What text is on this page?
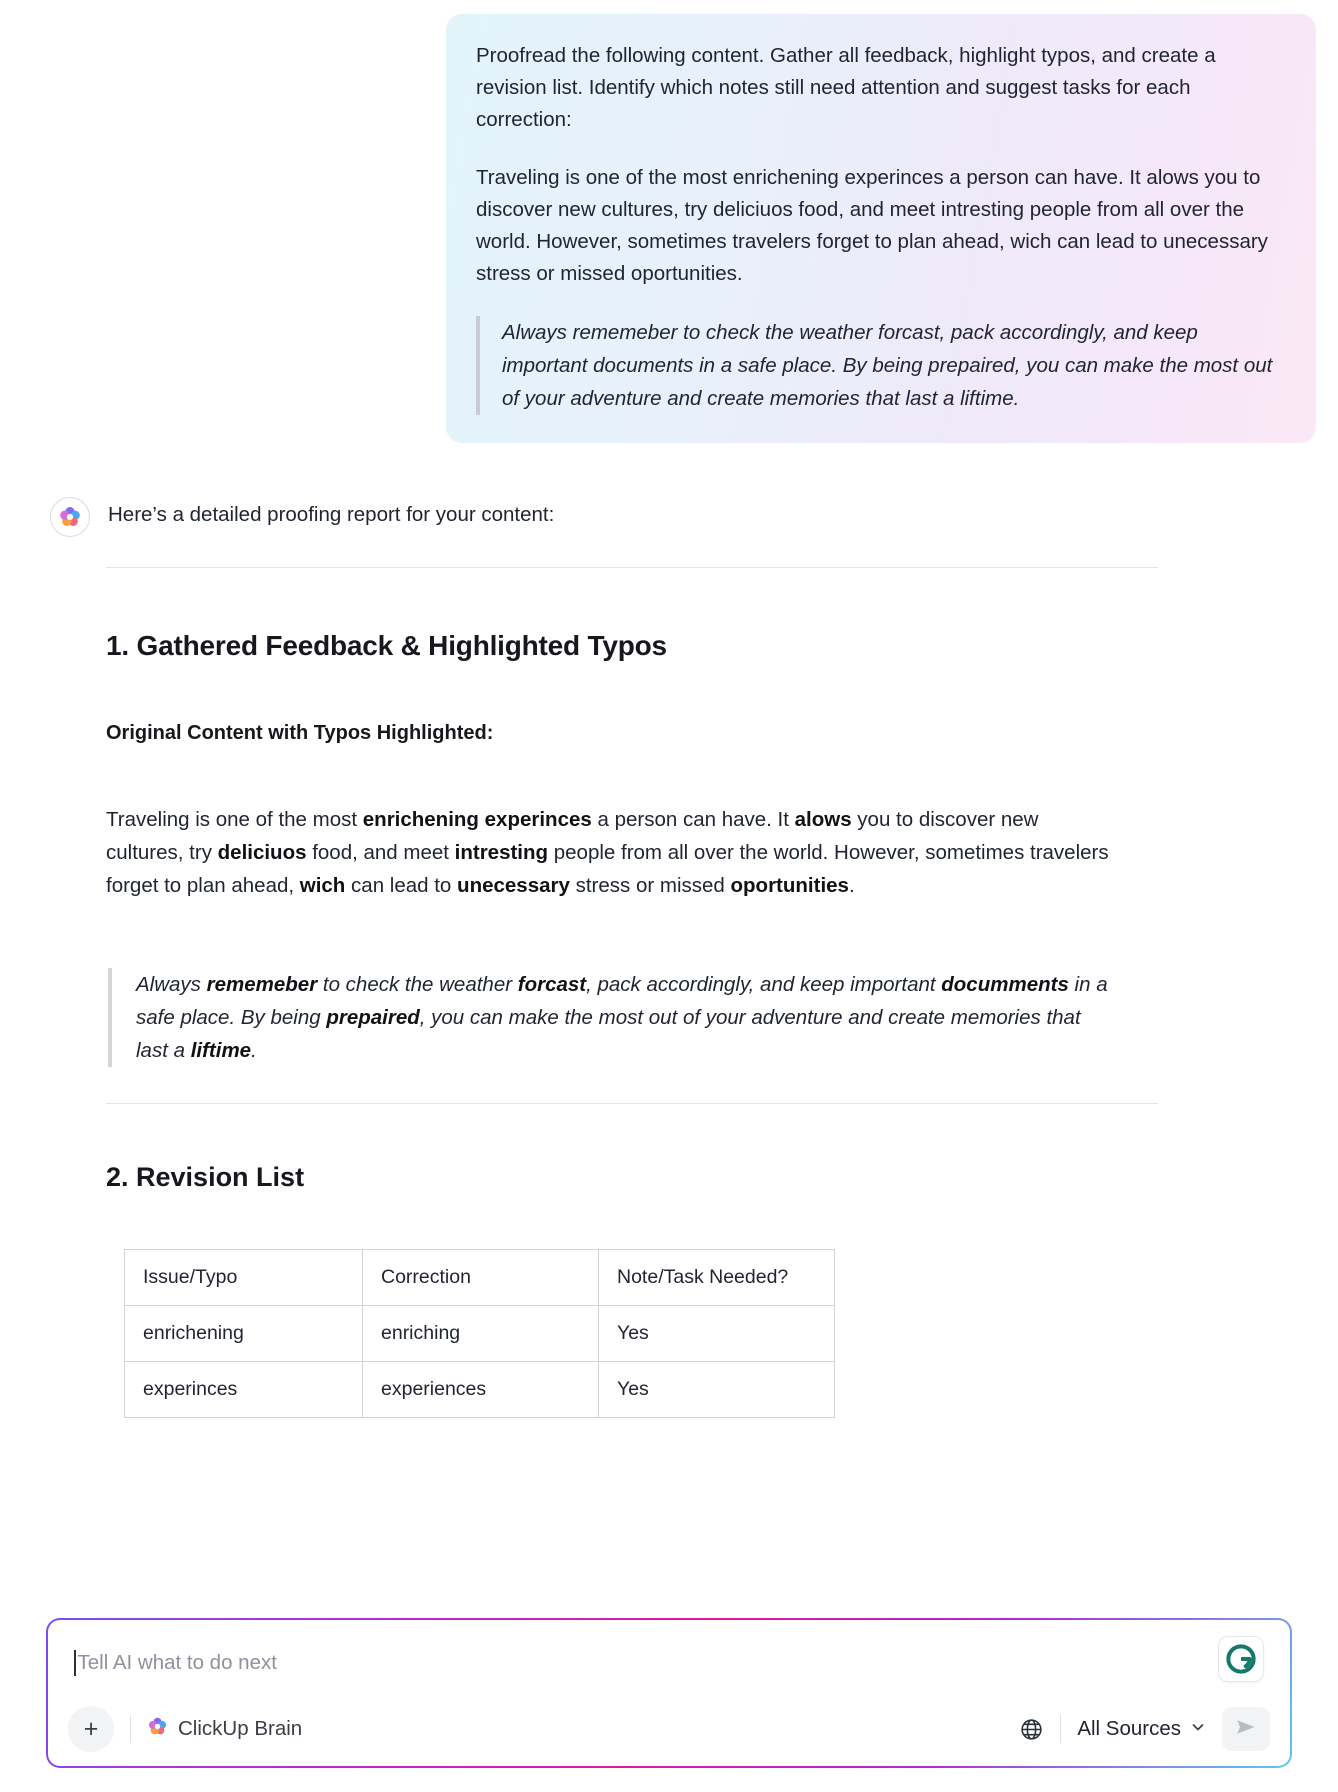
Proofread the following content. Gather all feedback, highlight typos, and create a revision list. Identify which notes still need attention and suggest tasks for each correction:

Traveling is one of the most enrichening experinces a person can have. It alows you to discover new cultures, try deliciuos food, and meet intresting people from all over the world. However, sometimes travelers forget to plan ahead, wich can lead to unecessary stress or missed oportunities.

Always rememeber to check the weather forcast, pack accordingly, and keep important documents in a safe place. By being prepaired, you can make the most out of your adventure and create memories that last a liftime.
Here’s a detailed proofing report for your content:
1. Gathered Feedback & Highlighted Typos
Original Content with Typos Highlighted:

Traveling is one of the most enrichening experinces a person can have. It alows you to discover new cultures, try deliciuos food, and meet intresting people from all over the world. However, sometimes travelers forget to plan ahead, wich can lead to unecessary stress or missed oportunities.

Always rememeber to check the weather forcast, pack accordingly, and keep important documments in a safe place. By being prepaired, you can make the most out of your adventure and create memories that last a liftime.
2. Revision List
Issue/Typo	Correction	Note/Task Needed?
enrichening	enriching	Yes
experinces	experiences	Yes
Tell AI what to do next
+	ClickUp Brain	All Sources
